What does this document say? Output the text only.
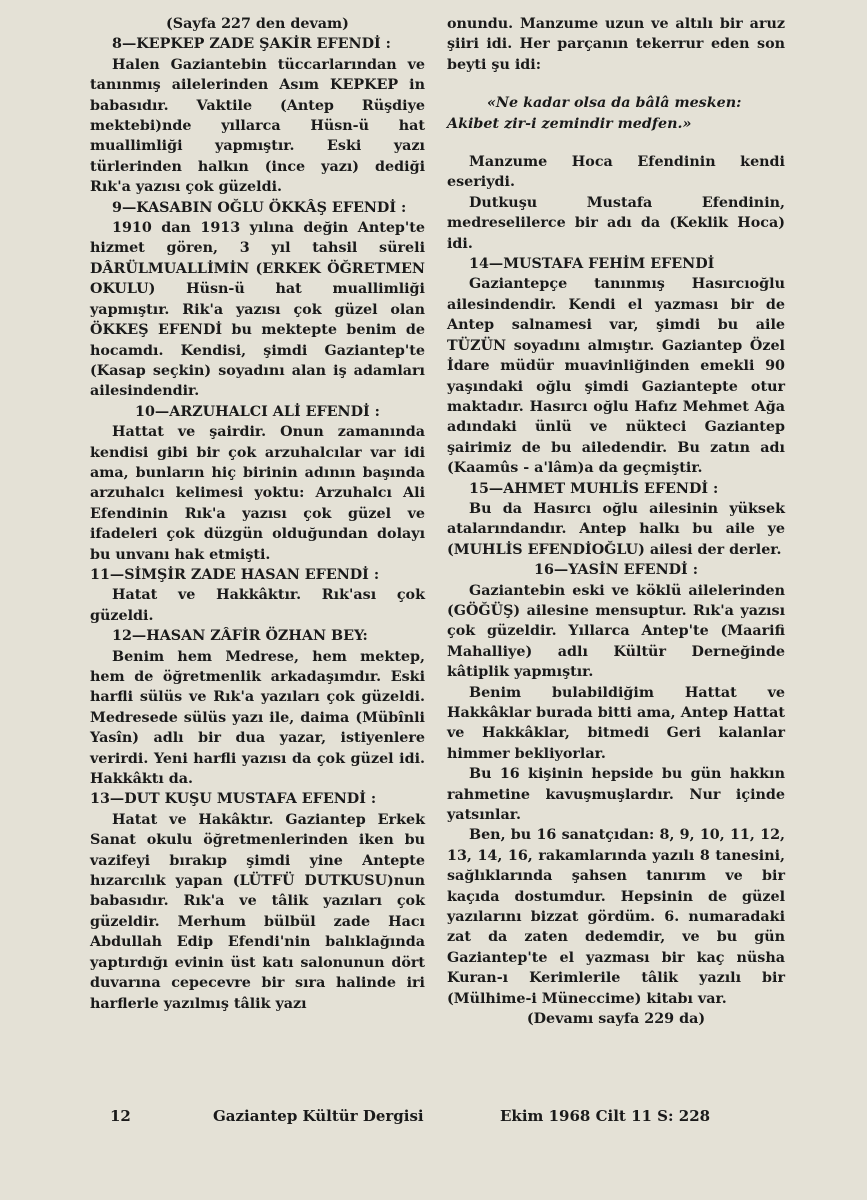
(Sayfa 227 den devam)

8—KEPKEP ZADE ŞAKİR EFENDİ :

Halen Gaziantebin tüccarlarından ve tanınmış ailelerinden Asım KEPKEP in babasıdır. Vaktile (Antep Rüşdiye mektebi)nde yıllarca Hüsn-ü hat muallimliği yapmıştır. Eski yazı türlerinden halkın (ince yazı) dediği Rık'a yazısı çok güzeldi.

9—KASABIN OĞLU ÖKKÂŞ EFENDİ :

1910 dan 1913 yılına değin Antep'te hizmet gören, 3 yıl tahsil süreli DÂRÜLMUALLİMİN (ERKEK ÖĞRETMEN OKULU) Hüsn-ü hat muallimliği yapmıştır. Rik'a yazısı çok güzel olan ÖKKEŞ EFENDİ bu mektepte benim de hocamdı. Kendisi, şimdi Gaziantep'te (Kasap seçkin) soyadını alan iş adamları ailesindendir.

10—ARZUHALCI ALİ EFENDİ :

Hattat ve şairdir. Onun zamanında kendisi gibi bir çok arzuhalcılar var idi ama, bunların hiç birinin adının başında arzuhalcı kelimesi yoktu: Arzuhalcı Ali Efendinin Rık'a yazısı çok güzel ve ifadeleri çok düzgün olduğundan dolayı bu unvanı hak etmişti.

11—SİMŞİR ZADE HASAN EFENDİ :

Hatat ve Hakkâktır. Rık'ası çok güzeldi.

12—HASAN ZÂFİR ÖZHAN BEY:

Benim hem Medrese, hem mektep, hem de öğretmenlik arkadaşımdır. Eski harfli sülüs ve Rık'a yazıları çok güzeldi. Medresede sülüs yazı ile, daima (Mübînli Yasîn) adlı bir dua yazar, istiyenlere verirdi. Yeni harfli yazısı da çok güzel idi. Hakkâktı da.

13—DUT KUŞU MUSTAFA EFENDİ :

Hatat ve Hakâktır. Gaziantep Erkek Sanat okulu öğretmenlerinden iken bu vazifeyi bırakıp şimdi yine Antepte hızarcılık yapan (LÜTFÜ DUTKUSU)nun babasıdır. Rık'a ve tâlik yazıları çok güzeldir. Merhum bülbül zade Hacı Abdullah Edip Efendi'nin balıklağında yaptırdığı evinin üst katı salonunun dört duvarına cepecevre bir sıra halinde iri harflerle yazılmış tâlik yazı

onundu. Manzume uzun ve altılı bir aruz şiiri idi. Her parçanın tekerrur eden son beyti şu idi:

«Ne kadar olsa da bâlâ mesken:

Akibet zir-i zemindir medfen.»

Manzume Hoca Efendinin kendi eseriydi.

Dutkuşu Mustafa Efendinin, medreselilerce bir adı da (Keklik Hoca) idi.

14—MUSTAFA FEHİM EFENDİ

Gaziantepçe tanınmış Hasırcıoğlu ailesindendir. Kendi el yazması bir de Antep salnamesi var, şimdi bu aile TÜZÜN soyadını almıştır. Gaziantep Özel İdare müdür muavinliğinden emekli 90 yaşındaki oğlu şimdi Gaziantepte otur maktadır. Hasırcı oğlu Hafız Mehmet Ağa adındaki ünlü ve nükteci Gaziantep şairimiz de bu ailedendir. Bu zatın adı (Kaamûs - a'lâm)a da geçmiştir.

15—AHMET MUHLİS EFENDİ :

Bu da Hasırcı oğlu ailesinin yüksek atalarındandır. Antep halkı bu aile ye (MUHLİS EFENDİOĞLU) ailesi der derler.

16—YASİN EFENDİ :

Gaziantebin eski ve köklü ailelerinden (GÖĞÜŞ) ailesine mensuptur. Rık'a yazısı çok güzeldir. Yıllarca Antep'te (Maarifi Mahalliye) adlı Kültür Derneğinde kâtiplik yapmıştır.

Benim bulabildiğim Hattat ve Hakkâklar burada bitti ama, Antep Hattat ve Hakkâklar, bitmedi Geri kalanlar himmer bekliyorlar.

Bu 16 kişinin hepside bu gün hakkın rahmetine kavuşmuşlardır. Nur içinde yatsınlar.

Ben, bu 16 sanatçıdan: 8, 9, 10, 11, 12, 13, 14, 16, rakamlarında yazılı 8 tanesini, sağlıklarında şahsen tanırım ve bir kaçıda dostumdur. Hepsinin de güzel yazılarını bizzat gördüm. 6. numaradaki zat da zaten dedemdir, ve bu gün Gaziantep'te el yazması bir kaç nüsha Kuran-ı Kerimlerile tâlik yazılı bir (Mülhime-i Müneccime) kitabı var.

(Devamı sayfa 229 da)

12	Gaziantep Kültür Dergisi	Ekim 1968 Cilt 11 S: 228
